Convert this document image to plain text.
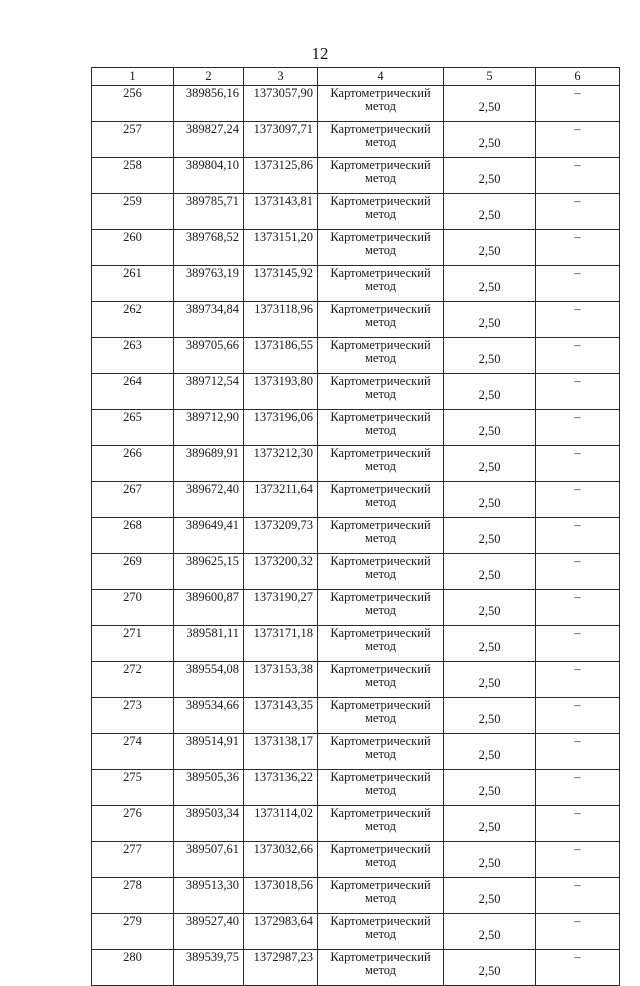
12
1	2	3	4	5	6
256	389856,16	1373057,90	Картометрический метод	2,50	–
257	389827,24	1373097,71	Картометрический метод	2,50	–
258	389804,10	1373125,86	Картометрический метод	2,50	–
259	389785,71	1373143,81	Картометрический метод	2,50	–
260	389768,52	1373151,20	Картометрический метод	2,50	–
261	389763,19	1373145,92	Картометрический метод	2,50	–
262	389734,84	1373118,96	Картометрический метод	2,50	–
263	389705,66	1373186,55	Картометрический метод	2,50	–
264	389712,54	1373193,80	Картометрический метод	2,50	–
265	389712,90	1373196,06	Картометрический метод	2,50	–
266	389689,91	1373212,30	Картометрический метод	2,50	–
267	389672,40	1373211,64	Картометрический метод	2,50	–
268	389649,41	1373209,73	Картометрический метод	2,50	–
269	389625,15	1373200,32	Картометрический метод	2,50	–
270	389600,87	1373190,27	Картометрический метод	2,50	–
271	389581,11	1373171,18	Картометрический метод	2,50	–
272	389554,08	1373153,38	Картометрический метод	2,50	–
273	389534,66	1373143,35	Картометрический метод	2,50	–
274	389514,91	1373138,17	Картометрический метод	2,50	–
275	389505,36	1373136,22	Картометрический метод	2,50	–
276	389503,34	1373114,02	Картометрический метод	2,50	–
277	389507,61	1373032,66	Картометрический метод	2,50	–
278	389513,30	1373018,56	Картометрический метод	2,50	–
279	389527,40	1372983,64	Картометрический метод	2,50	–
280	389539,75	1372987,23	Картометрический метод	2,50	–
